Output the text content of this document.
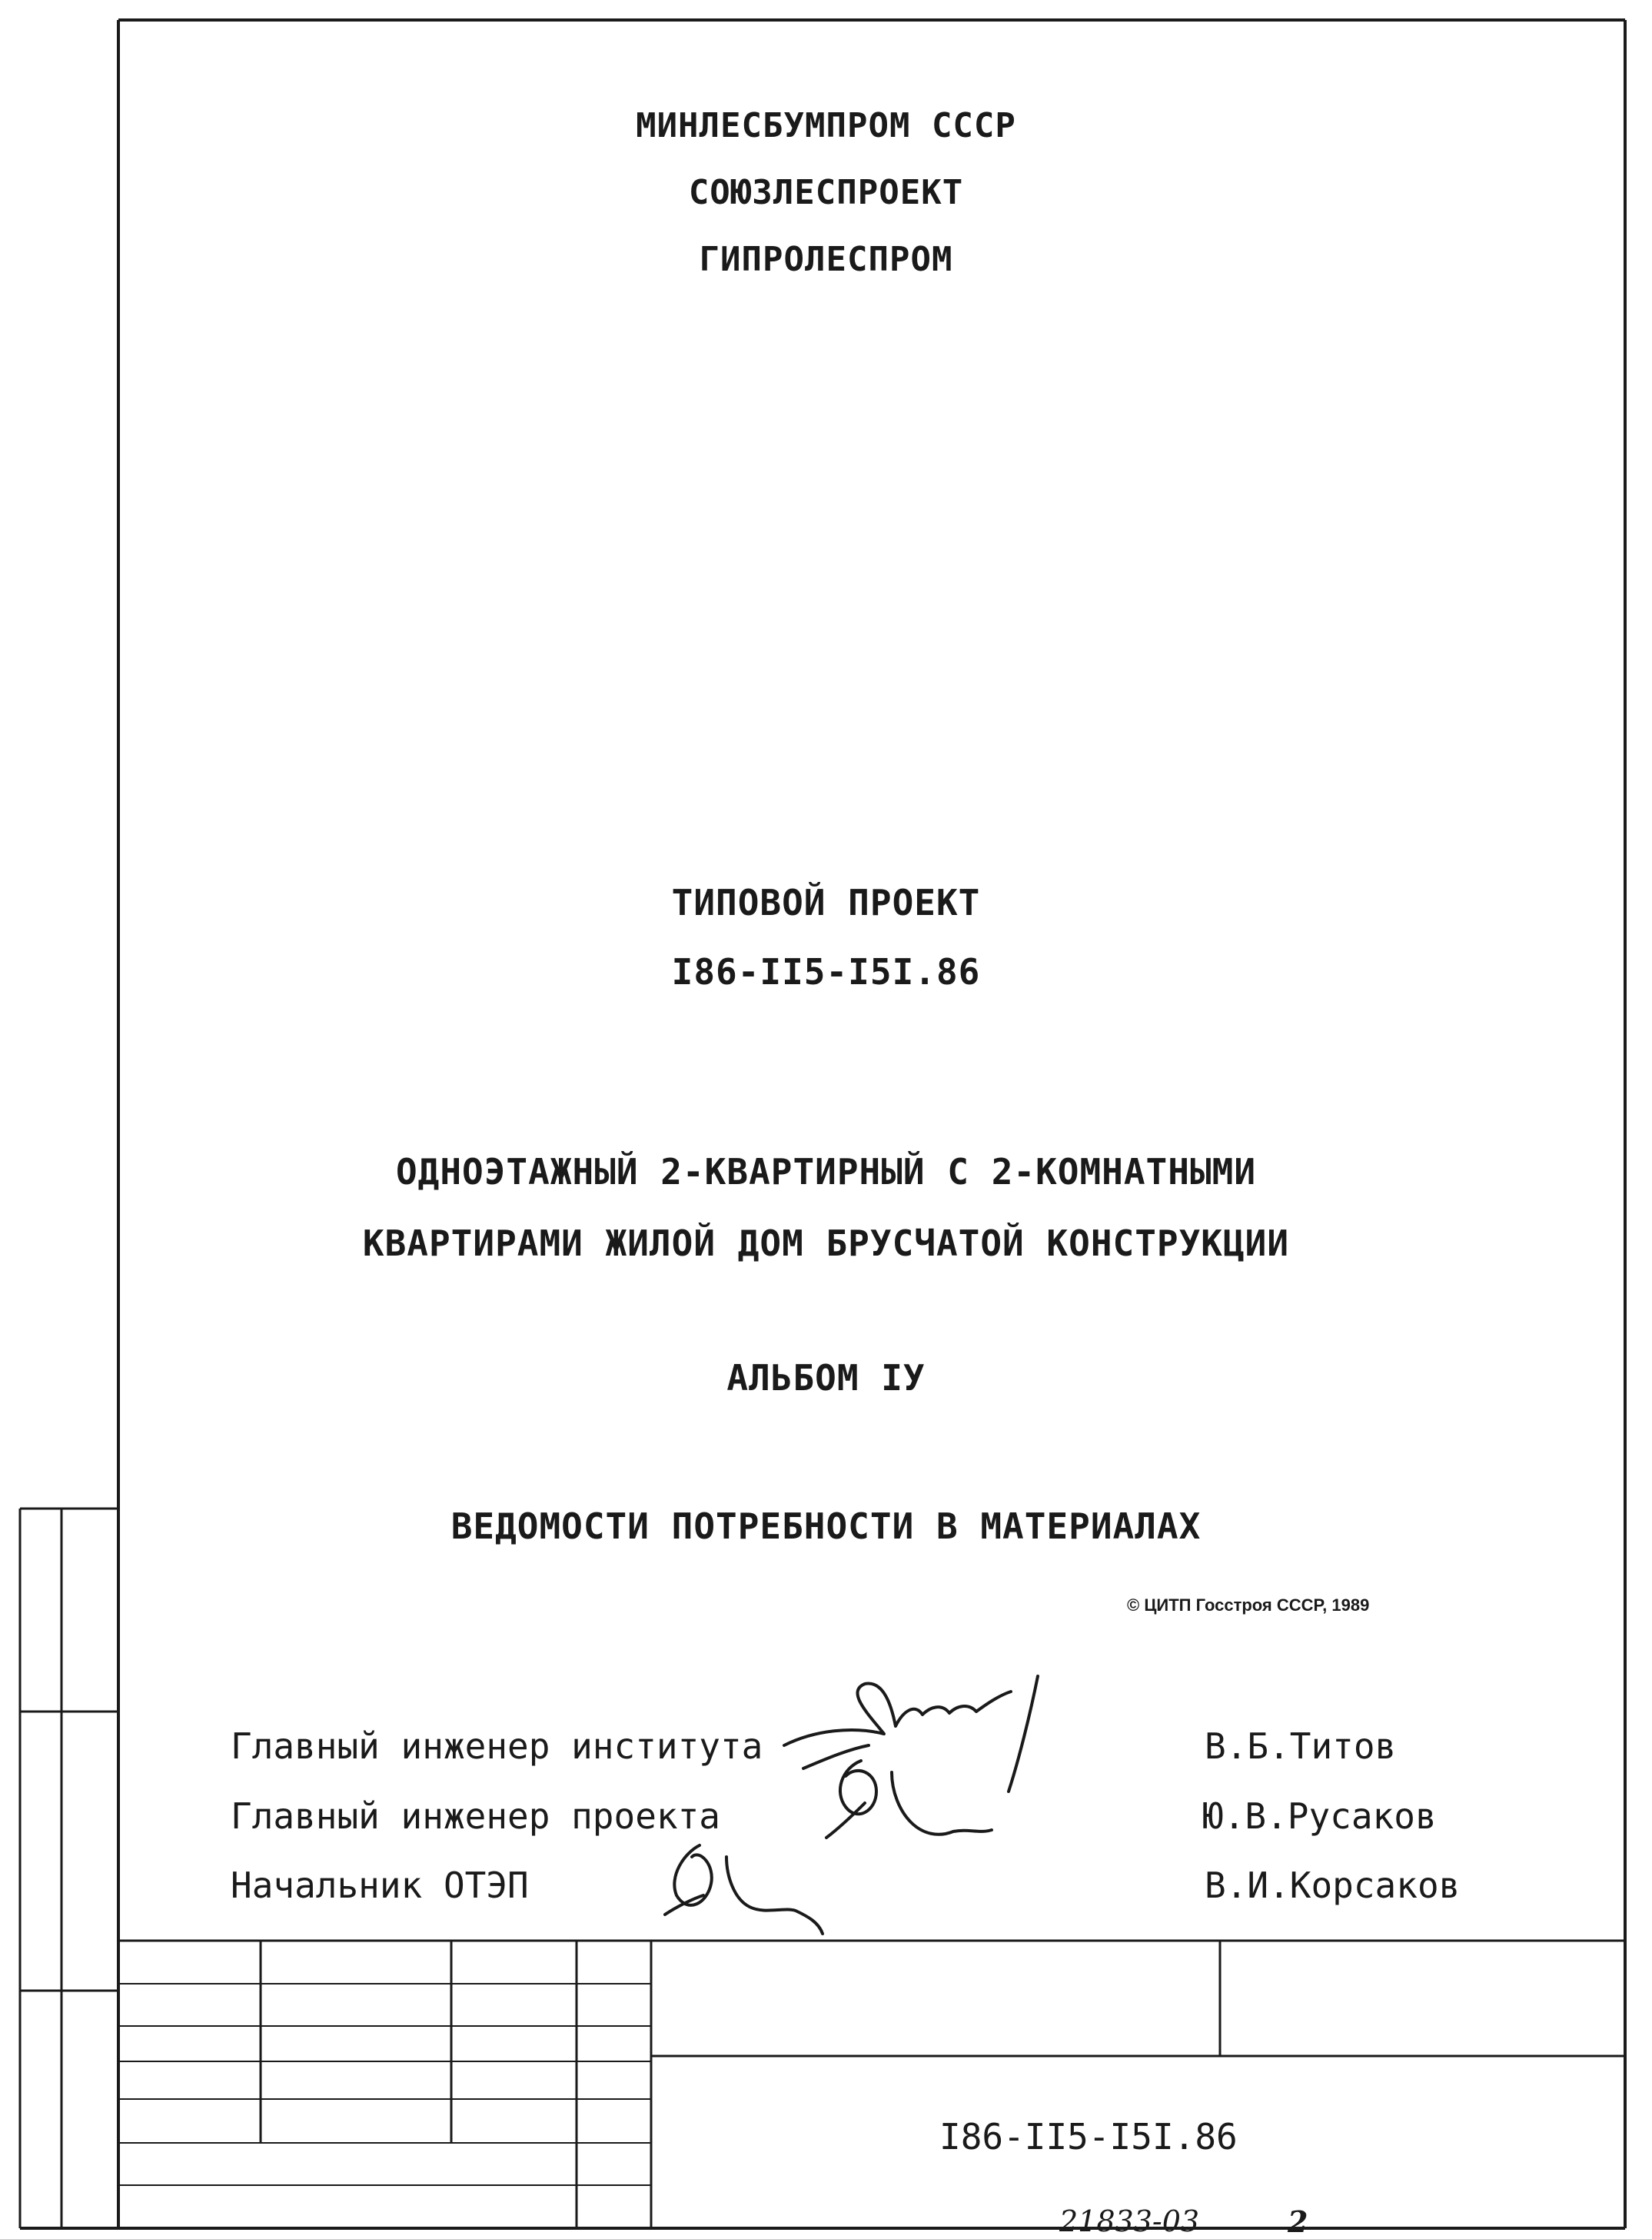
МИНЛЕСБУМПРОМ СССР
СОЮЗЛЕСПРОЕКТ
ГИПРОЛЕСПРОМ
ТИПОВОЙ ПРОЕКТ
I86-II5-I5I.86
ОДНОЭТАЖНЫЙ 2-КВАРТИРНЫЙ С 2-КОМНАТНЫМИ
КВАРТИРАМИ ЖИЛОЙ ДОМ БРУСЧАТОЙ КОНСТРУКЦИИ
АЛЬБОМ IУ
ВЕДОМОСТИ ПОТРЕБНОСТИ В МАТЕРИАЛАХ
© ЦИТП Госстроя СССР, 1989
Главный инженер института	В.Б.Титов
Главный инженер проекта	Ю.В.Русаков
Начальник ОТЭП	В.И.Корсаков
I86-II5-I5I.86
21833-03	2
